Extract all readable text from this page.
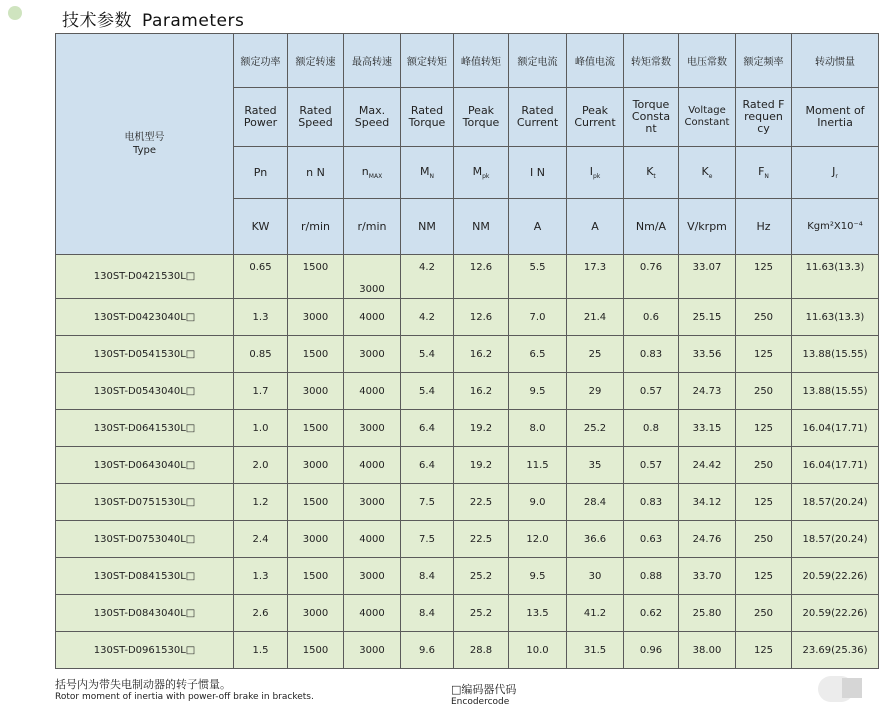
技术参数 Parameters
电机型号
Type	额定功率	额定转速	最高转速	额定转矩	峰值转矩	额定电流	峰值电流	转矩常数	电压常数	额定频率	转动惯量
	Rated Power	Rated Speed	Max. Speed	Rated Torque	Peak Torque	Rated Current	Peak Current	Torque Constant	Voltage Constant	Rated Frequency	Moment of Inertia
	Pn	n N	$n_{MAX}$	$M_N$	$M_{pk}$	I N	$I_{pk}$	$K_t$	$K_e$	$F_N$	$J_r$
	KW	r/min	r/min	NM	NM	A	A	Nm/A	V/krpm	Hz	Kgm²X10⁻⁴
130ST-D0421530L□	0.65	1500	3000	4.2	12.6	5.5	17.3	0.76	33.07	125	11.63(13.3)
130ST-D0423040L□	1.3	3000	4000	4.2	12.6	7.0	21.4	0.6	25.15	250	11.63(13.3)
130ST-D0541530L□	0.85	1500	3000	5.4	16.2	6.5	25	0.83	33.56	125	13.88(15.55)
130ST-D0543040L□	1.7	3000	4000	5.4	16.2	9.5	29	0.57	24.73	250	13.88(15.55)
130ST-D0641530L□	1.0	1500	3000	6.4	19.2	8.0	25.2	0.8	33.15	125	16.04(17.71)
130ST-D0643040L□	2.0	3000	4000	6.4	19.2	11.5	35	0.57	24.42	250	16.04(17.71)
130ST-D0751530L□	1.2	1500	3000	7.5	22.5	9.0	28.4	0.83	34.12	125	18.57(20.24)
130ST-D0753040L□	2.4	3000	4000	7.5	22.5	12.0	36.6	0.63	24.76	250	18.57(20.24)
130ST-D0841530L□	1.3	1500	3000	8.4	25.2	9.5	30	0.88	33.70	125	20.59(22.26)
130ST-D0843040L□	2.6	3000	4000	8.4	25.2	13.5	41.2	0.62	25.80	250	20.59(22.26)
130ST-D0961530L□	1.5	1500	3000	9.6	28.8	10.0	31.5	0.96	38.00	125	23.69(25.36)
括号内为带失电制动器的转子惯量。
Rotor moment of inertia with power-off brake in brackets.
□编码器代码
Encodercode
